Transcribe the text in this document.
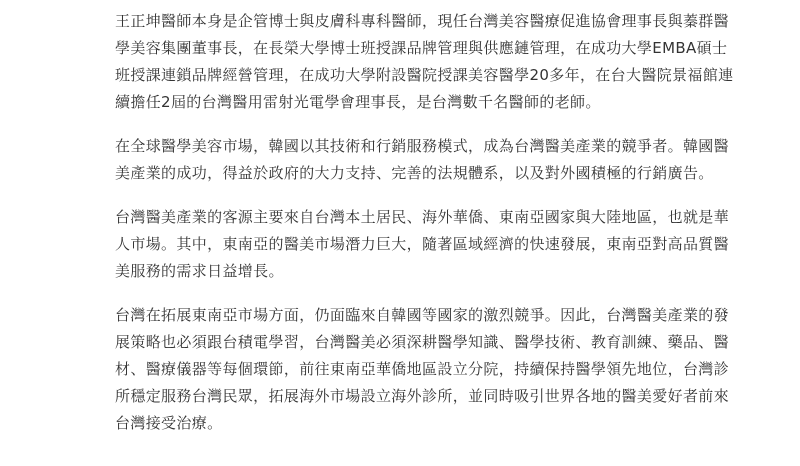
王正坤醫師本身是企管博士與皮膚科專科醫師，現任台灣美容醫療促進協會理事長與蓁群醫
學美容集團董事長，在長榮大學博士班授課品牌管理與供應鏈管理，在成功大學EMBA碩士
班授課連鎖品牌經營管理，在成功大學附設醫院授課美容醫學20多年，在台大醫院景福館連
續擔任2屆的台灣醫用雷射光電學會理事長，是台灣數千名醫師的老師。

在全球醫學美容市場，韓國以其技術和行銷服務模式，成為台灣醫美產業的競爭者。韓國醫
美產業的成功，得益於政府的大力支持、完善的法規體系，以及對外國積極的行銷廣告。

台灣醫美產業的客源主要來自台灣本土居民、海外華僑、東南亞國家與大陸地區，也就是華
人市場。其中，東南亞的醫美市場潛力巨大，隨著區域經濟的快速發展，東南亞對高品質醫
美服務的需求日益增長。

台灣在拓展東南亞市場方面，仍面臨來自韓國等國家的激烈競爭。因此，台灣醫美產業的發
展策略也必須跟台積電學習，台灣醫美必須深耕醫學知識、醫學技術、教育訓練、藥品、醫
材、醫療儀器等每個環節，前往東南亞華僑地區設立分院，持續保持醫學領先地位，台灣診
所穩定服務台灣民眾，拓展海外市場設立海外診所，並同時吸引世界各地的醫美愛好者前來
台灣接受治療。
